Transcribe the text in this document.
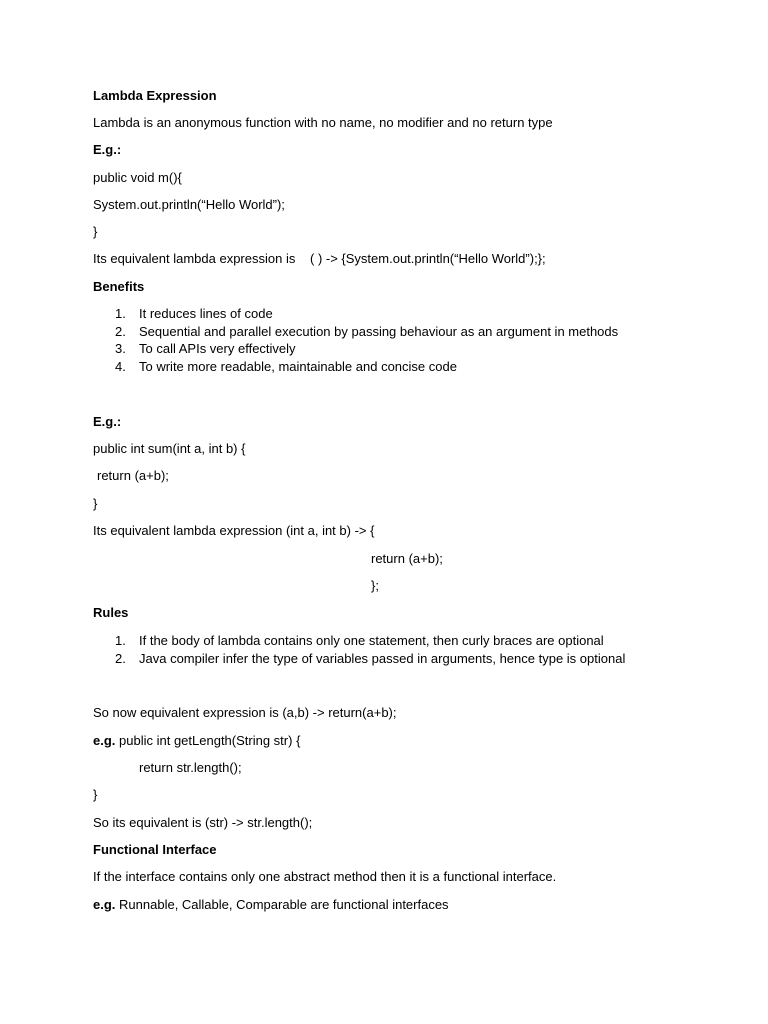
Lambda Expression
Lambda is an anonymous function with no name, no modifier and no return type
E.g.:
public void m(){
System.out.println(“Hello World”);
}
Its equivalent lambda expression is ( ) -> {System.out.println(“Hello World”);};
Benefits
1. It reduces lines of code
2. Sequential and parallel execution by passing behaviour as an argument in methods
3. To call APIs very effectively
4. To write more readable, maintainable and concise code
E.g.:
public int sum(int a, int b) {
return (a+b);
}
Its equivalent lambda expression (int a, int b) -> {
return (a+b);
};
Rules
1. If the body of lambda contains only one statement, then curly braces are optional
2. Java compiler infer the type of variables passed in arguments, hence type is optional
So now equivalent expression is (a,b) -> return(a+b);
e.g. public int getLength(String str) {
return str.length();
}
So its equivalent is (str) -> str.length();
Functional Interface
If the interface contains only one abstract method then it is a functional interface.
e.g. Runnable, Callable, Comparable are functional interfaces
